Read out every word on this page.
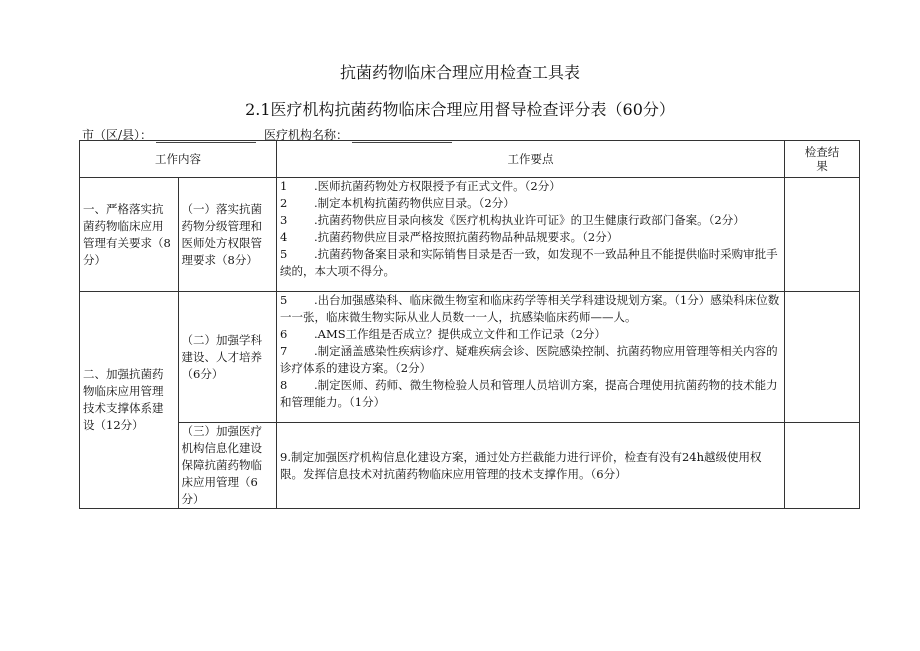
抗菌药物临床合理应用检查工具表
2.1医疗机构抗菌药物临床合理应用督导检查评分表（60分）
市（区/县）：	医疗机构名称：
工作内容		工作要点	检查结果
一、严格落实抗菌药物临床应用管理有关要求（8分）	（一）落实抗菌药物分级管理和医师处方权限管理要求（8分）	1 .医师抗菌药物处方权限授予有正式文件。（2分）
2 .制定本机构抗菌药物供应目录。（2分）
3 .抗菌药物供应目录向核发《医疗机构执业许可证》的卫生健康行政部门备案。（2分）
4 .抗菌药物供应目录严格按照抗菌药物品种品规要求。（2分）
5 .抗菌药物备案目录和实际销售目录是否一致，如发现不一致品种且不能提供临时采购审批手续的，本大项不得分。	

二、加强抗菌药物临床应用管理技术支撑体系建设（12分）	（二）加强学科建设、人才培养（6分）	5 .出台加强感染科、临床微生物室和临床药学等相关学科建设规划方案。（1分）感染科床位数一一张，临床微生物实际从业人员数一一人，抗感染临床药师——人。
6 .AMS工作组是否成立？提供成立文件和工作记录（2分）
7 .制定涵盖感染性疾病诊疗、疑难疾病会诊、医院感染控制、抗菌药物应用管理等相关内容的诊疗体系的建设方案。（2分）
8 .制定医师、药师、微生物检验人员和管理人员培训方案，提高合理使用抗菌药物的技术能力和管理能力。（1分）	

	（三）加强医疗机构信息化建设保障抗菌药物临床应用管理（6分）	9.制定加强医疗机构信息化建设方案，通过处方拦截能力进行评价，检查有没有24h越级使用权限。发挥信息技术对抗菌药物临床应用管理的技术支撑作用。（6分）	
